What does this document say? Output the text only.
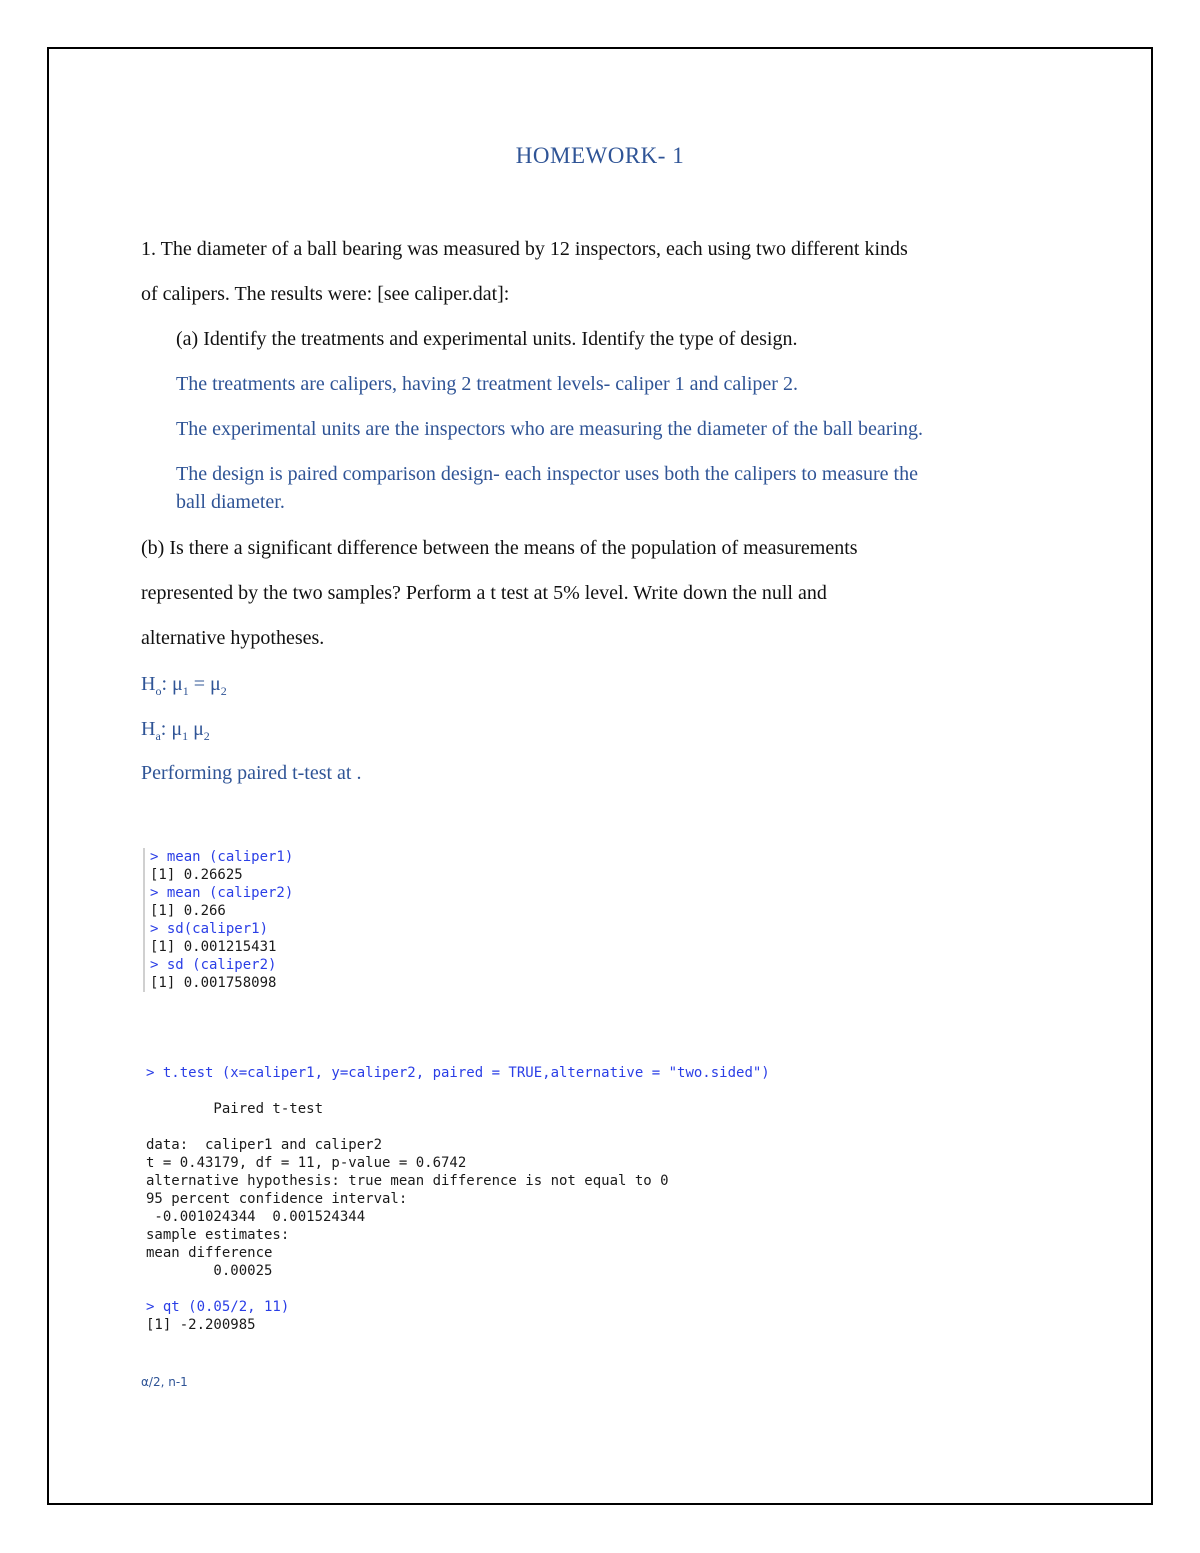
HOMEWORK- 1
1. The diameter of a ball bearing was measured by 12 inspectors, each using two different kinds
of calipers. The results were: [see caliper.dat]:
(a) Identify the treatments and experimental units. Identify the type of design.
The treatments are calipers, having 2 treatment levels- caliper 1 and caliper 2.
The experimental units are the inspectors who are measuring the diameter of the ball bearing.
The design is paired comparison design- each inspector uses both the calipers to measure the
ball diameter.
(b) Is there a significant difference between the means of the population of measurements
represented by the two samples? Perform a t test at 5% level. Write down the null and
alternative hypotheses.
$H_o$: $\mu_1 = \mu_2$
$H_a$: $\mu_1$ $\mu_2$
Performing paired t-test at .
> mean (caliper1)
[1] 0.26625
> mean (caliper2)
[1] 0.266
> sd(caliper1)
[1] 0.001215431
> sd (caliper2)
[1] 0.001758098
> t.test (x=caliper1, y=caliper2, paired = TRUE,alternative = "two.sided")

Paired t-test

data:  caliper1 and caliper2
t = 0.43179, df = 11, p-value = 0.6742
alternative hypothesis: true mean difference is not equal to 0
95 percent confidence interval:
-0.001024344  0.001524344
sample estimates:
mean difference
0.00025

> qt (0.05/2, 11)
[1] -2.200985
α/2, n-1
